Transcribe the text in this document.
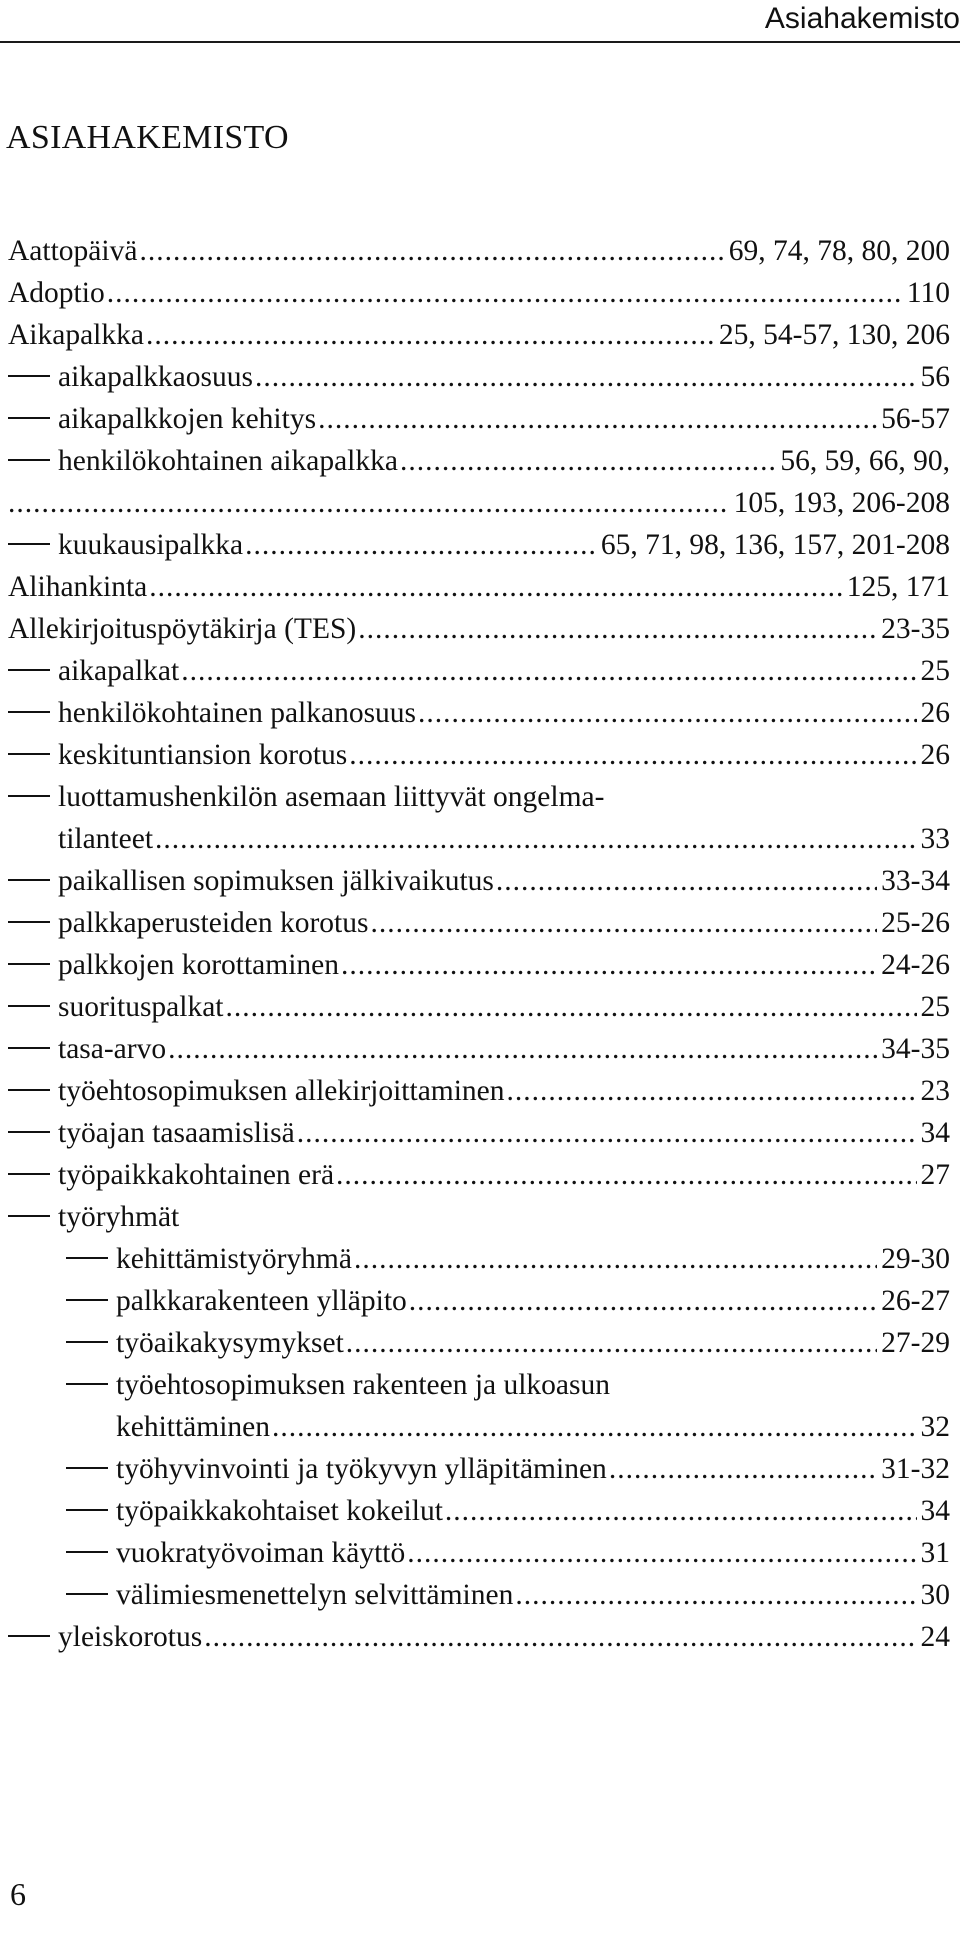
Asiahakemisto
ASIAHAKEMISTO
Aattopäivä .....	69, 74, 78, 80, 200
Adoptio .....	110
Aikapalkka .....	25, 54-57, 130, 206
aikapalkkaosuus .....	56
aikapalkkojen kehitys .....	56-57
henkilökohtainen aikapalkka .....	56, 59, 66, 90,
.....
105, 193, 206-208
kuukausipalkka .....	65, 71, 98, 136, 157, 201-208
Alihankinta .....	125, 171
Allekirjoituspöytäkirja (TES) .....	23-35
aikapalkat .....	25
henkilökohtainen palkanosuus .....	26
keskituntiansion korotus .....	26
luottamushenkilön asemaan liittyvät ongelma-
tilanteet .....	33
paikallisen sopimuksen jälkivaikutus .....	33-34
palkkaperusteiden korotus .....	25-26
palkkojen korottaminen .....	24-26
suorituspalkat .....	25
tasa-arvo .....	34-35
työehtosopimuksen allekirjoittaminen .....	23
työajan tasaamislisä .....	34
työpaikkakohtainen erä .....	27
työryhmät
kehittämistyöryhmä .....	29-30
palkkarakenteen ylläpito .....	26-27
työaikakysymykset .....	27-29
työehtosopimuksen rakenteen ja ulkoasun
kehittäminen .....	32
työhyvinvointi ja työkyvyn ylläpitäminen .....	31-32
työpaikkakohtaiset kokeilut .....	34
vuokratyövoiman käyttö .....	31
välimiesmenettelyn selvittäminen .....	30
yleiskorotus .....	24
6
